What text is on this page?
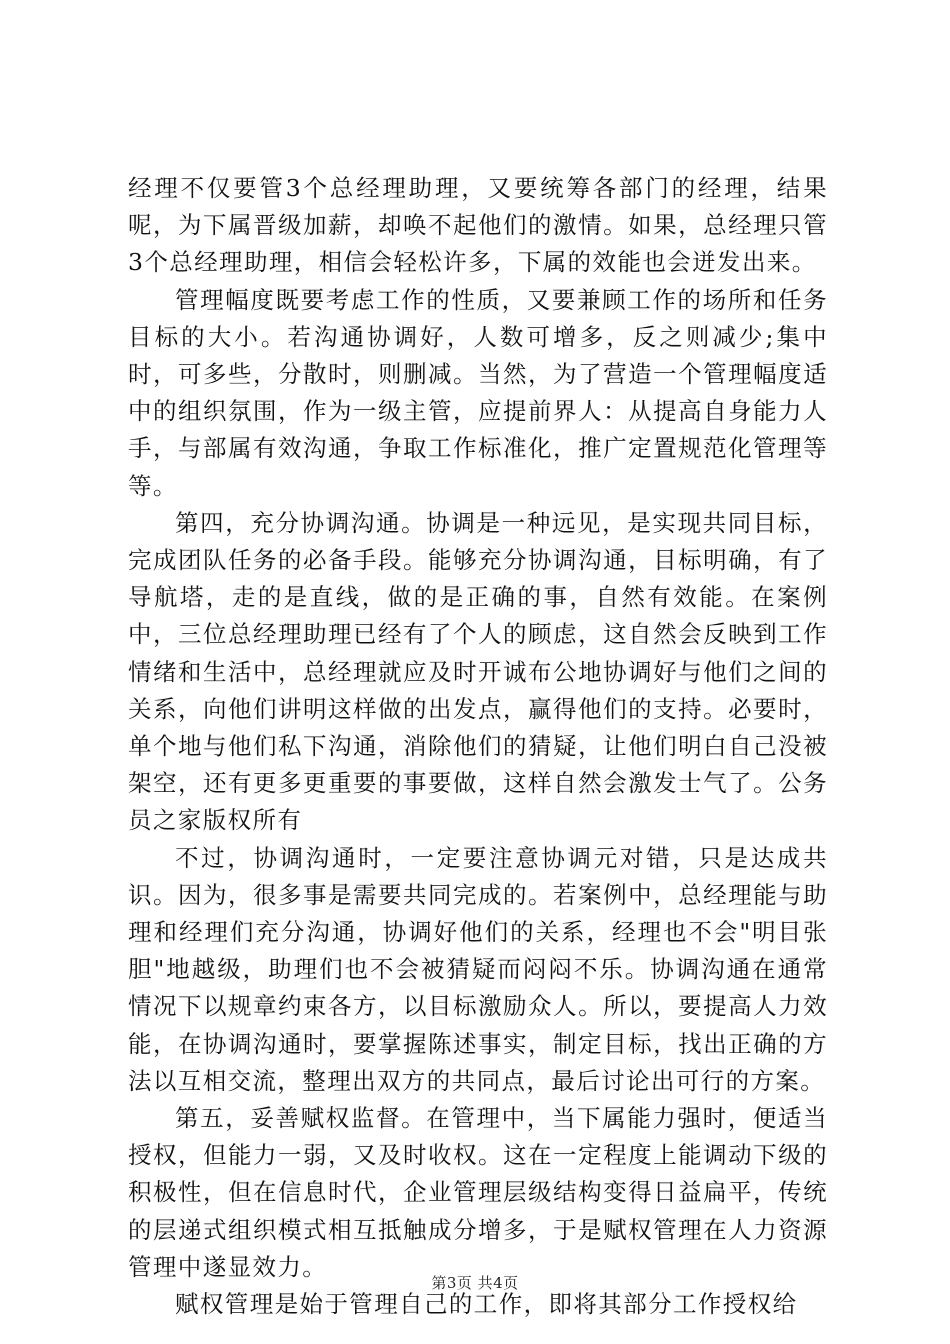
经理不仅要管3个总经理助理，又要统筹各部门的经理，结果呢，为下属晋级加薪，却唤不起他们的激情。如果，总经理只管3个总经理助理，相信会轻松许多，下属的效能也会迸发出来。

管理幅度既要考虑工作的性质，又要兼顾工作的场所和任务目标的大小。若沟通协调好，人数可增多，反之则减少;集中时，可多些，分散时，则删减。当然，为了营造一个管理幅度适中的组织氛围，作为一级主管，应提前界人：从提高自身能力人手，与部属有效沟通，争取工作标准化，推广定置规范化管理等等。

第四，充分协调沟通。协调是一种远见，是实现共同目标，完成团队任务的必备手段。能够充分协调沟通，目标明确，有了导航塔，走的是直线，做的是正确的事，自然有效能。在案例中，三位总经理助理已经有了个人的顾虑，这自然会反映到工作情绪和生活中，总经理就应及时开诚布公地协调好与他们之间的关系，向他们讲明这样做的出发点，赢得他们的支持。必要时，单个地与他们私下沟通，消除他们的猜疑，让他们明白自己没被架空，还有更多更重要的事要做，这样自然会激发士气了。公务员之家版权所有

不过，协调沟通时，一定要注意协调元对错，只是达成共识。因为，很多事是需要共同完成的。若案例中，总经理能与助理和经理们充分沟通，协调好他们的关系，经理也不会"明目张胆"地越级，助理们也不会被猜疑而闷闷不乐。协调沟通在通常情况下以规章约束各方，以目标激励众人。所以，要提高人力效能，在协调沟通时，要掌握陈述事实，制定目标，找出正确的方法以互相交流，整理出双方的共同点，最后讨论出可行的方案。

第五，妥善赋权监督。在管理中，当下属能力强时，便适当授权，但能力一弱，又及时收权。这在一定程度上能调动下级的积极性，但在信息时代，企业管理层级结构变得日益扁平，传统的层递式组织模式相互抵触成分增多，于是赋权管理在人力资源管理中遂显效力。

赋权管理是始于管理自己的工作，即将其部分工作授权给

第3页 共4页
